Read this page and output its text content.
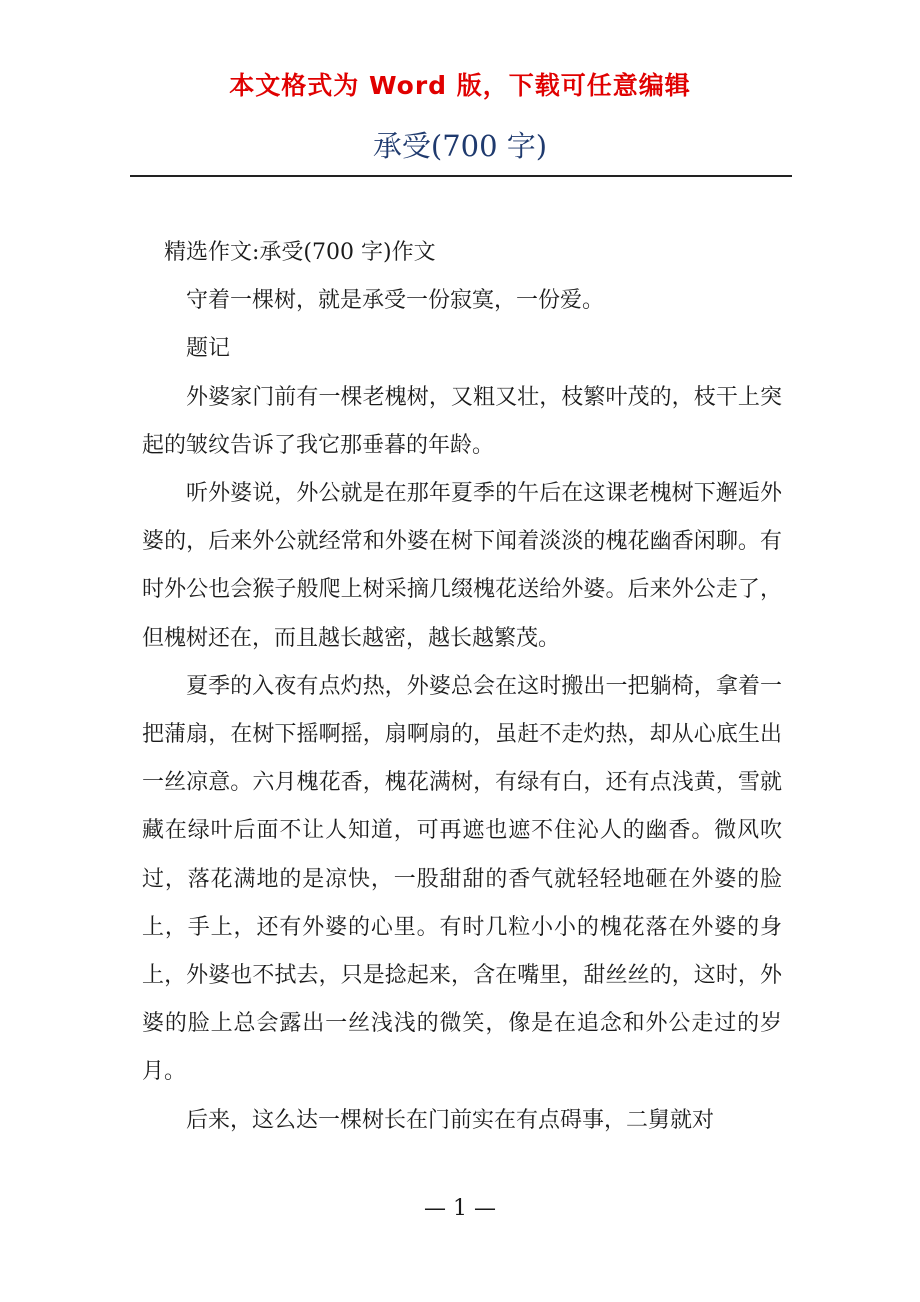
本文格式为 Word 版，下载可任意编辑
承受(700 字)

精选作文:承受(700 字)作文

守着一棵树，就是承受一份寂寞，一份爱。

题记

外婆家门前有一棵老槐树，又粗又壮，枝繁叶茂的，枝干上突起的皱纹告诉了我它那垂暮的年龄。

听外婆说，外公就是在那年夏季的午后在这课老槐树下邂逅外婆的，后来外公就经常和外婆在树下闻着淡淡的槐花幽香闲聊。有时外公也会猴子般爬上树采摘几缀槐花送给外婆。后来外公走了，但槐树还在，而且越长越密，越长越繁茂。

夏季的入夜有点灼热，外婆总会在这时搬出一把躺椅，拿着一把蒲扇，在树下摇啊摇，扇啊扇的，虽赶不走灼热，却从心底生出一丝凉意。六月槐花香，槐花满树，有绿有白，还有点浅黄，雪就藏在绿叶后面不让人知道，可再遮也遮不住沁人的幽香。微风吹过，落花满地的是凉快，一股甜甜的香气就轻轻地砸在外婆的脸上，手上，还有外婆的心里。有时几粒小小的槐花落在外婆的身上，外婆也不拭去，只是捻起来，含在嘴里，甜丝丝的，这时，外婆的脸上总会露出一丝浅浅的微笑，像是在追念和外公走过的岁月。

后来，这么达一棵树长在门前实在有点碍事，二舅就对

— 1 —
